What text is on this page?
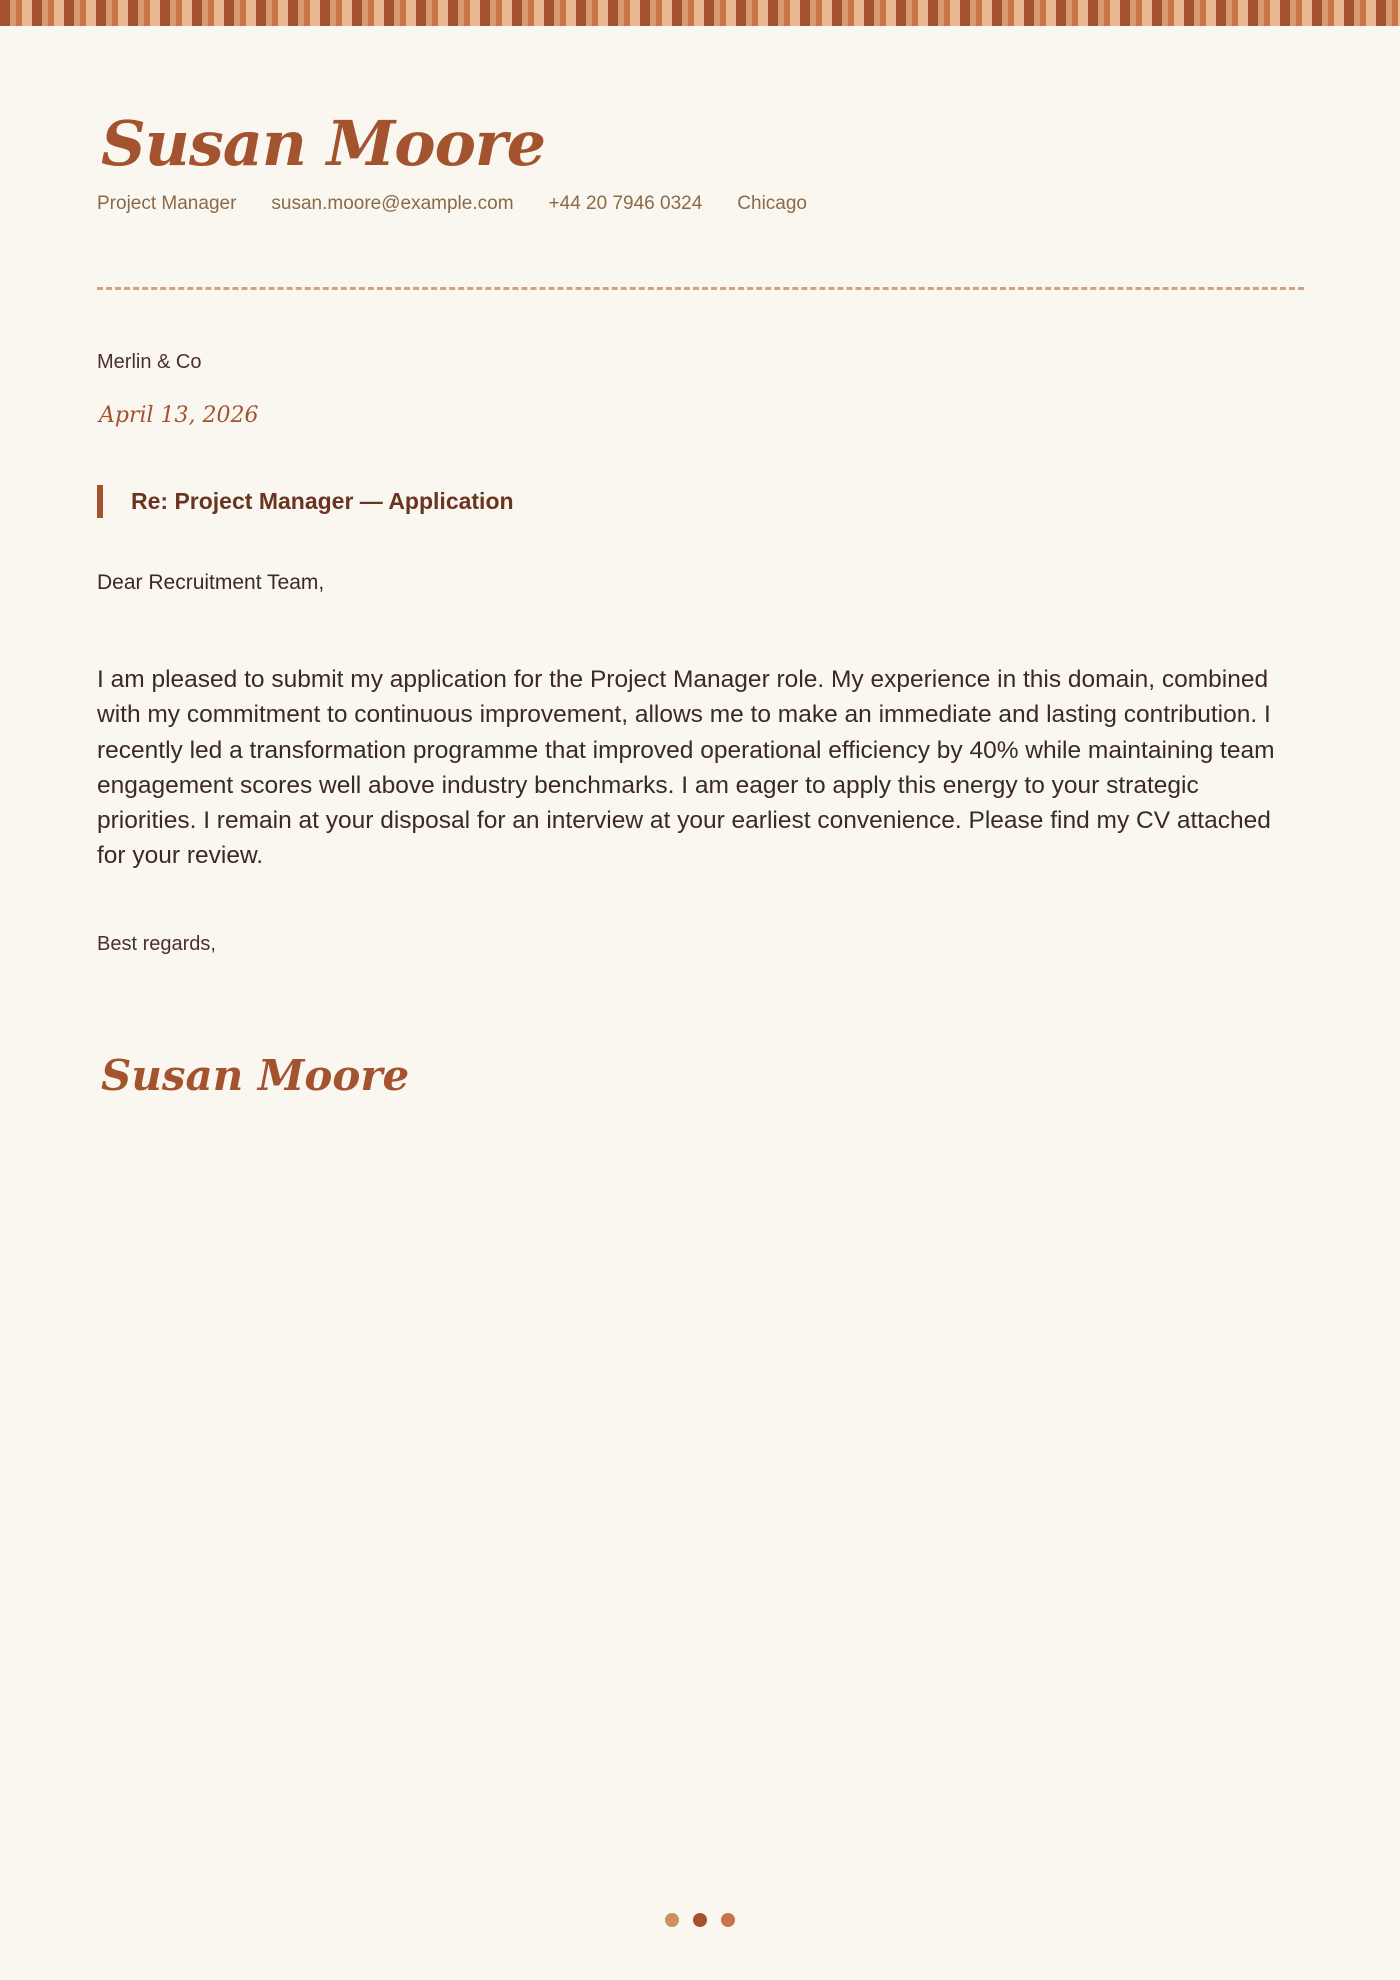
Susan Moore
Project Manager susan.moore@example.com +44 20 7946 0324 Chicago
Merlin & Co
April 13, 2026
Re: Project Manager — Application
Dear Recruitment Team,

I am pleased to submit my application for the Project Manager role. My experience in this domain, combined with my commitment to continuous improvement, allows me to make an immediate and lasting contribution. I recently led a transformation programme that improved operational efficiency by 40% while maintaining team engagement scores well above industry benchmarks. I am eager to apply this energy to your strategic priorities. I remain at your disposal for an interview at your earliest convenience. Please find my CV attached for your review.

Best regards,
Susan Moore
